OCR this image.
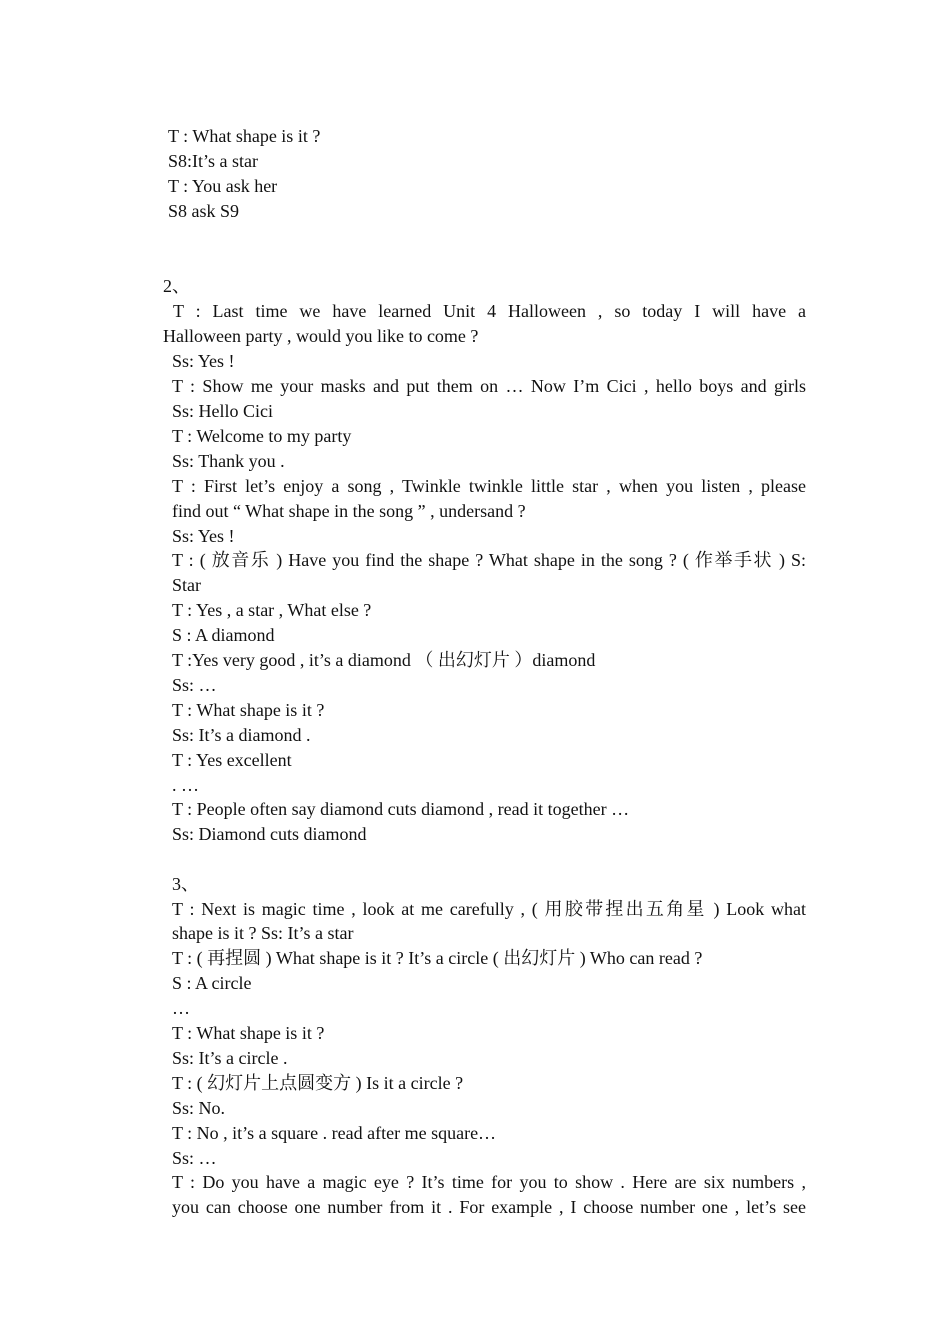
T : What shape is it ?
S8:It’s a star
T : You ask her
S8 ask S9
2、
T : Last time we have learned Unit 4 Halloween , so today I will have a
Halloween party , would you like to come ?
Ss: Yes !
T : Show me your masks and put them on … Now I’m Cici , hello boys and girls
Ss: Hello Cici
T : Welcome to my party
Ss: Thank you .
T : First let’s enjoy a song , Twinkle twinkle little star , when you listen , please
find out “ What shape in the song ” , undersand ?
Ss: Yes !
T : ( 放音乐 ) Have you find the shape ? What shape in the song ? ( 作举手状 ) S:
Star
T : Yes , a star , What else ?
S : A diamond
T :Yes very good , it’s a diamond （ 出幻灯片 ）diamond
Ss: …
T : What shape is it ?
Ss: It’s a diamond .
T : Yes excellent
. …
T : People often say diamond cuts diamond , read it together …
Ss: Diamond cuts diamond
3、
T : Next is magic time , look at me carefully , ( 用胶带捏出五角星 ) Look what
shape is it ? Ss: It’s a star
T : ( 再捏圆 ) What shape is it ? It’s a circle ( 出幻灯片 ) Who can read ?
S : A circle
…
T : What shape is it ?
Ss: It’s a circle .
T : ( 幻灯片上点圆变方 ) Is it a circle ?
Ss: No.
T : No , it’s a square . read after me square…
Ss: …
T : Do you have a magic eye ? It’s time for you to show . Here are six numbers ,
you can choose one number from it . For example , I choose number one , let’s see
